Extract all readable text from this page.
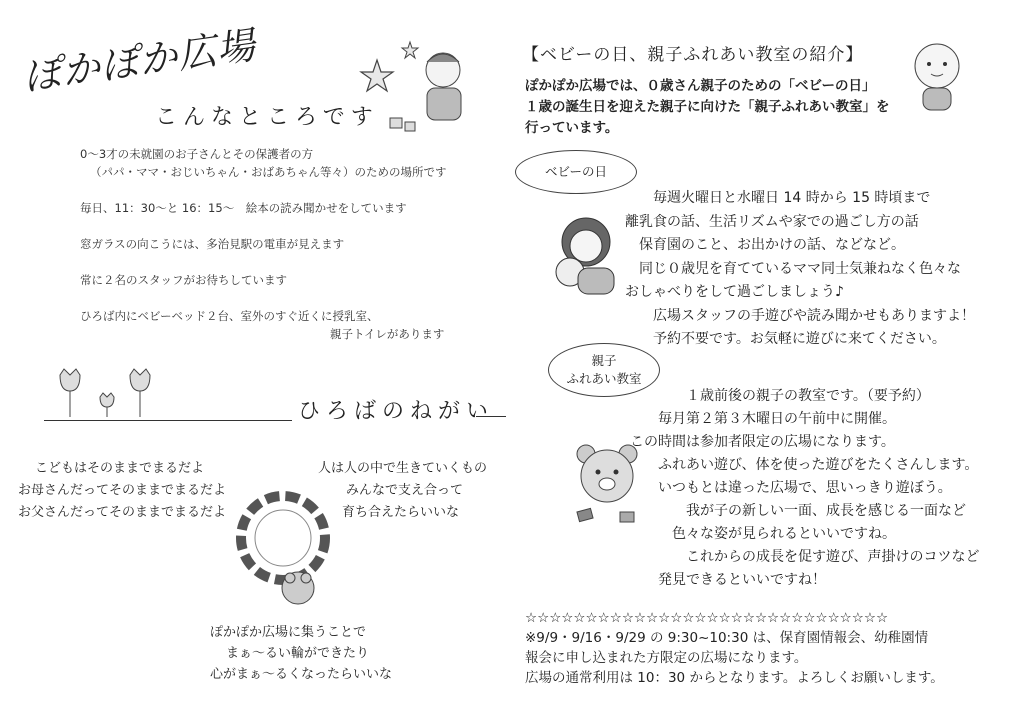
ぽかぽか広場
こんなところです

0～3才の未就園のお子さんとその保護者の方
（パパ・ママ・おじいちゃん・おばあちゃん等々）のための場所です

毎日、11：30～と 16：15～　絵本の読み聞かせをしています

窓ガラスの向こうには、多治見駅の電車が見えます

常に２名のスタッフがお待ちしています

ひろば内にベビーベッド２台、室外のすぐ近くに授乳室、
親子トイレがあります

ひろばのねがい
こどもはそのままでまるだよ
お母さんだってそのままでまるだよ
お父さんだってそのままでまるだよ
人は人の中で生きていくもの
みんなで支え合って
育ち合えたらいいな
ぽかぽか広場に集うことで
まぁ～るい輪ができたり
心がまぁ～るくなったらいいな
【ベビーの日、親子ふれあい教室の紹介】
ぽかぽか広場では、０歳さん親子のための「ベビーの日」
１歳の誕生日を迎えた親子に向けた「親子ふれあい教室」を
行っています。
ベビーの日
　　毎週火曜日と水曜日 14 時から 15 時頃まで
離乳食の話、生活リズムや家での過ごし方の話
　保育園のこと、お出かけの話、などなど。
　同じ０歳児を育てているママ同士気兼ねなく色々な
おしゃべりをして過ごしましょう♪
　　広場スタッフの手遊びや読み聞かせもありますよ！
　　予約不要です。お気軽に遊びに来てください。
親子
ふれあい教室
　　　　１歳前後の親子の教室です。（要予約）
　　毎月第２第３木曜日の午前中に開催。
この時間は参加者限定の広場になります。
　　ふれあい遊び、体を使った遊びをたくさんします。
　　いつもとは違った広場で、思いっきり遊ぼう。
　　　　我が子の新しい一面、成長を感じる一面など
　　　色々な姿が見られるといいですね。
　　　　これからの成長を促す遊び、声掛けのコツなど
　　発見できるといいですね！
☆☆☆☆☆☆☆☆☆☆☆☆☆☆☆☆☆☆☆☆☆☆☆☆☆☆☆☆☆☆
※9/9・9/16・9/29 の 9:30~10:30 は、保育園情報会、幼稚園情
報会に申し込まれた方限定の広場になります。
広場の通常利用は 10：30 からとなります。よろしくお願いします。
